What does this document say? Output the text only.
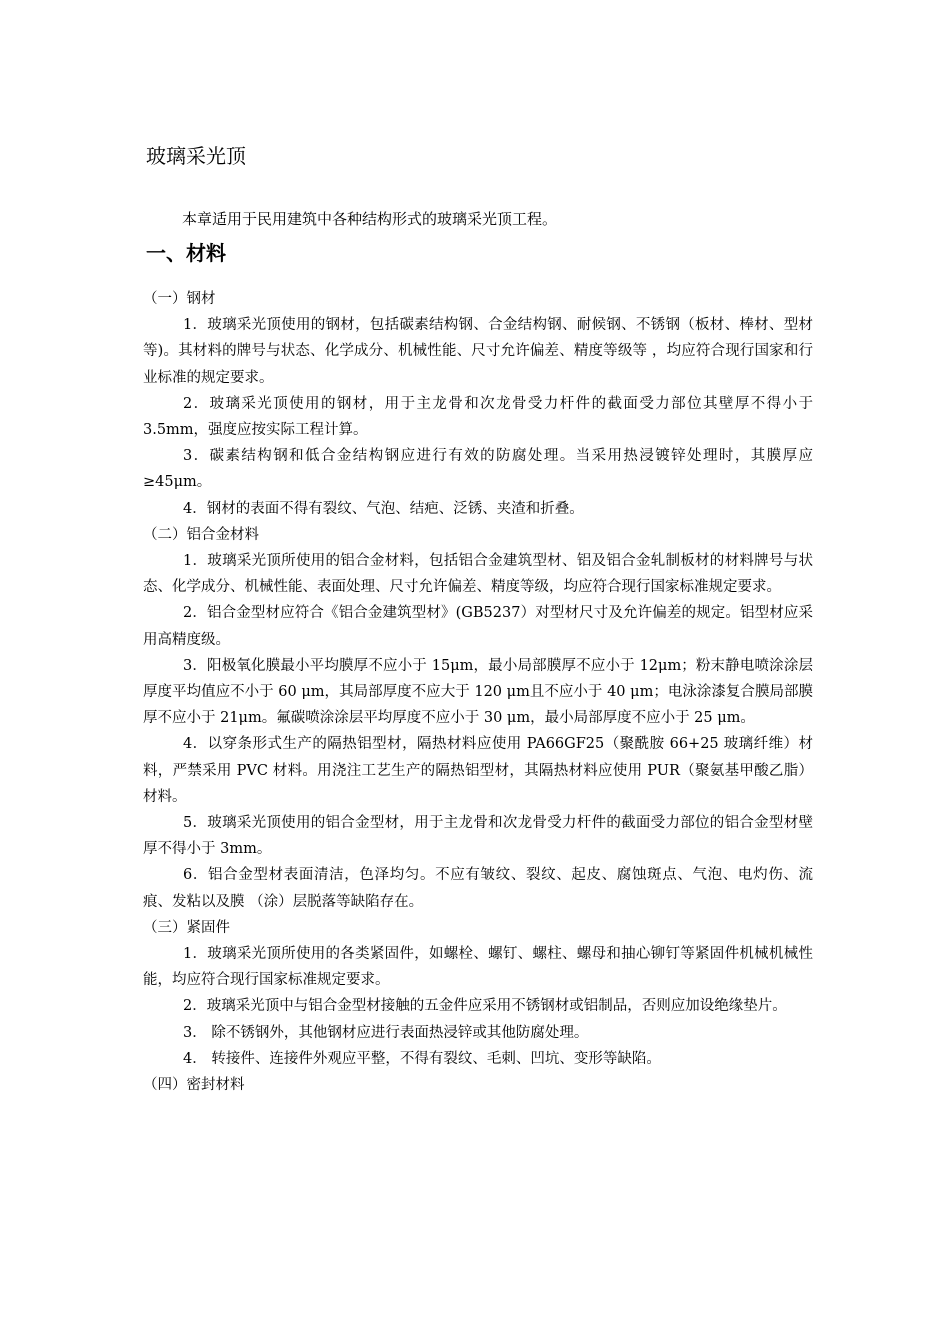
玻璃采光顶

本章适用于民用建筑中各种结构形式的玻璃采光顶工程。

一、材料

（一）钢材

1．玻璃采光顶使用的钢材，包括碳素结构钢、合金结构钢、耐候钢、不锈钢（板材、棒材、型材等)。其材料的牌号与状态、化学成分、机械性能、尺寸允许偏差、精度等级等 ，均应符合现行国家和行业标准的规定要求。

2．玻璃采光顶使用的钢材，用于主龙骨和次龙骨受力杆件的截面受力部位其壁厚不得小于 3.5mm，强度应按实际工程计算。

3．碳素结构钢和低合金结构钢应进行有效的防腐处理。当采用热浸镀锌处理时，其膜厚应≥45μm。

4．钢材的表面不得有裂纹、气泡、结疤、泛锈、夹渣和折叠。

（二）铝合金材料

1．玻璃采光顶所使用的铝合金材料，包括铝合金建筑型材、铝及铝合金轧制板材的材料牌号与状态、化学成分、机械性能、表面处理、尺寸允许偏差、精度等级，均应符合现行国家标准规定要求。

2．铝合金型材应符合《铝合金建筑型材》(GB5237）对型材尺寸及允许偏差的规定。铝型材应采用高精度级。

3．阳极氧化膜最小平均膜厚不应小于 15μm，最小局部膜厚不应小于 12μm；粉末静电喷涂涂层厚度平均值应不小于 60 μm，其局部厚度不应大于 120 μm且不应小于 40 μm；电泳涂漆复合膜局部膜厚不应小于 21μm。氟碳喷涂涂层平均厚度不应小于 30 μm，最小局部厚度不应小于 25 μm。

4．以穿条形式生产的隔热铝型材，隔热材料应使用 PA66GF25（聚酰胺 66+25 玻璃纤维）材料，严禁采用 PVC 材料。用浇注工艺生产的隔热铝型材，其隔热材料应使用 PUR（聚氨基甲酸乙脂）材料。

5．玻璃采光顶使用的铝合金型材，用于主龙骨和次龙骨受力杆件的截面受力部位的铝合金型材壁厚不得小于 3mm。

6．铝合金型材表面清洁，色泽均匀。不应有皱纹、裂纹、起皮、腐蚀斑点、气泡、电灼伤、流痕、发粘以及膜 （涂）层脱落等缺陷存在。

（三）紧固件

1．玻璃采光顶所使用的各类紧固件，如螺栓、螺钉、螺柱、螺母和抽心铆钉等紧固件机械机械性能，均应符合现行国家标准规定要求。

2．玻璃采光顶中与铝合金型材接触的五金件应采用不锈钢材或铝制品，否则应加设绝缘垫片。

3． 除不锈钢外，其他钢材应进行表面热浸锌或其他防腐处理。

4． 转接件、连接件外观应平整，不得有裂纹、毛刺、凹坑、变形等缺陷。

（四）密封材料
